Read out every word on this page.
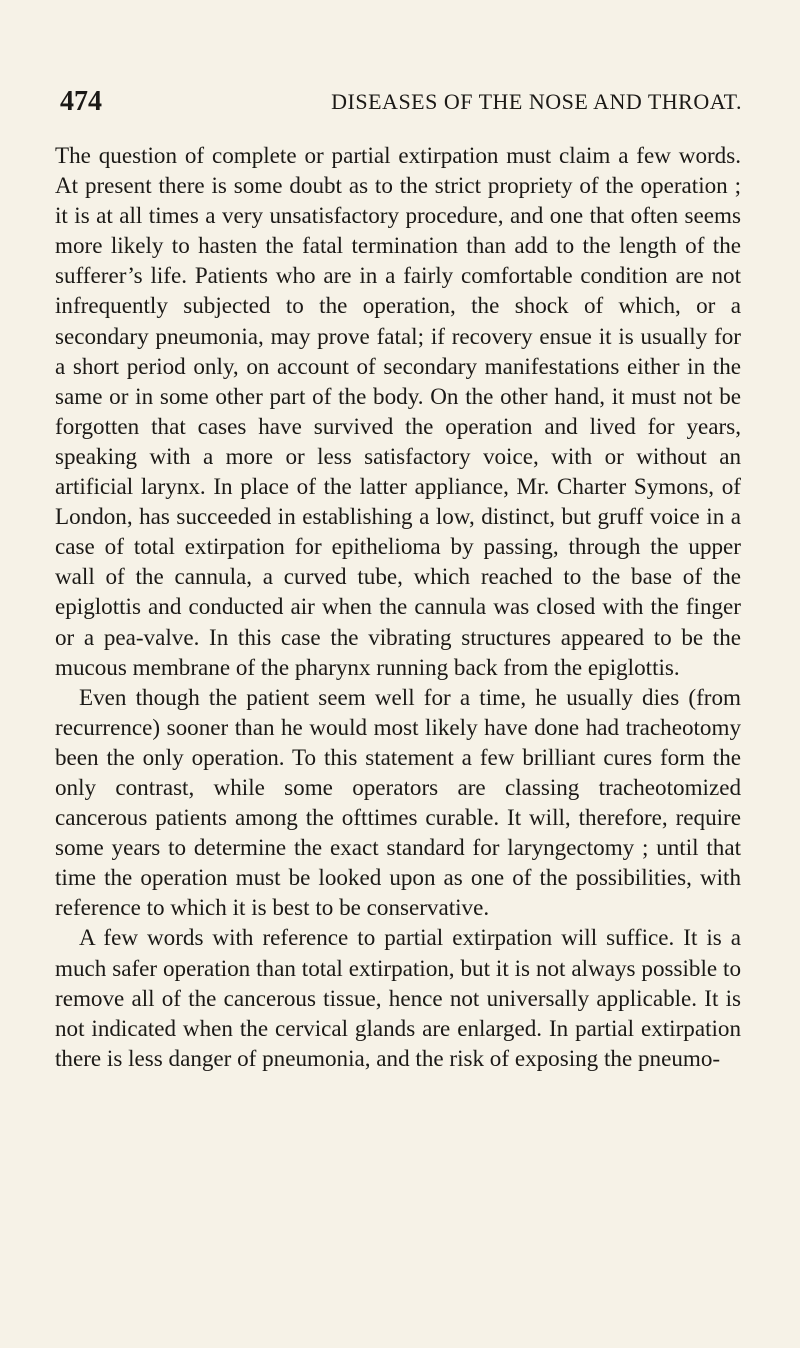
474	DISEASES OF THE NOSE AND THROAT.

The question of complete or partial extirpation must claim a few words. At present there is some doubt as to the strict propriety of the operation ; it is at all times a very unsatisfactory procedure, and one that often seems more likely to hasten the fatal termination than add to the length of the sufferer’s life. Patients who are in a fairly comfortable condition are not infrequently subjected to the operation, the shock of which, or a secondary pneumonia, may prove fatal; if recovery ensue it is usually for a short period only, on account of secondary manifestations either in the same or in some other part of the body. On the other hand, it must not be forgotten that cases have survived the operation and lived for years, speaking with a more or less satisfactory voice, with or without an artificial larynx. In place of the latter appliance, Mr. Charter Symons, of London, has succeeded in establishing a low, distinct, but gruff voice in a case of total extirpation for epithelioma by passing, through the upper wall of the cannula, a curved tube, which reached to the base of the epiglottis and conducted air when the cannula was closed with the finger or a pea-valve. In this case the vibrating structures appeared to be the mucous membrane of the pharynx running back from the epiglottis.

Even though the patient seem well for a time, he usually dies (from recurrence) sooner than he would most likely have done had tracheotomy been the only operation. To this statement a few brilliant cures form the only contrast, while some operators are classing tracheotomized cancerous patients among the ofttimes curable. It will, therefore, require some years to determine the exact standard for laryngectomy ; until that time the operation must be looked upon as one of the possibilities, with reference to which it is best to be conservative.

A few words with reference to partial extirpation will suffice. It is a much safer operation than total extirpation, but it is not always possible to remove all of the cancerous tissue, hence not universally applicable. It is not indicated when the cervical glands are enlarged. In partial extirpation there is less danger of pneumonia, and the risk of exposing the pneumo-
